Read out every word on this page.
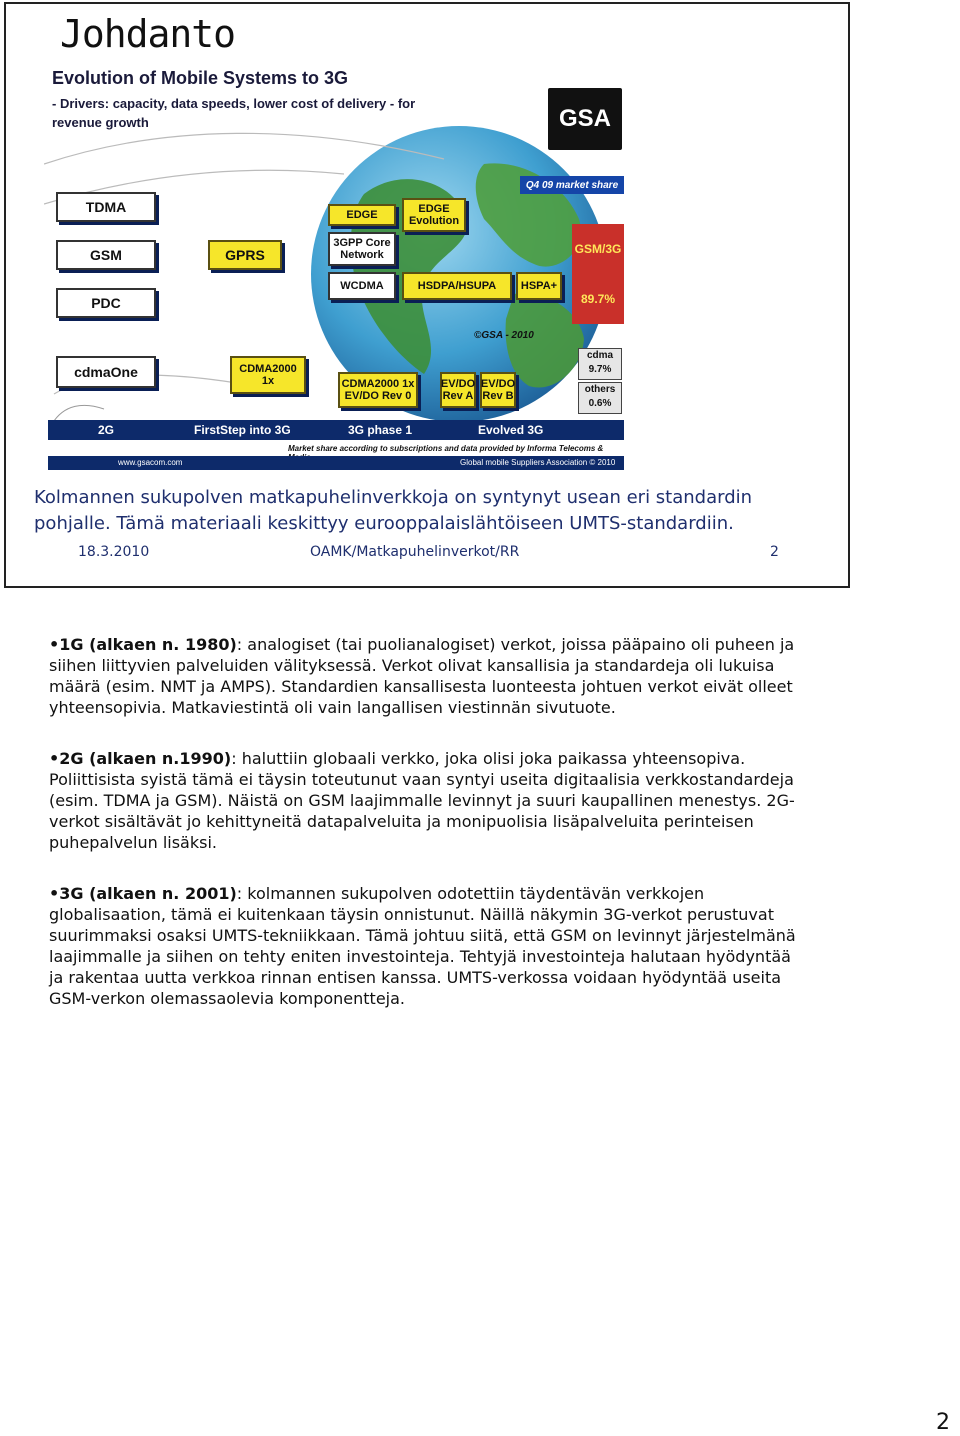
Johdanto
Evolution of Mobile Systems to 3G
- Drivers: capacity, data speeds, lower cost of delivery - for revenue growth	GSA
Q4 09 market share
TDMA
GSM
PDC
cdmaOne
GPRS
CDMA2000 1x
EDGE	EDGE Evolution
3GPP Core Network
WCDMA	HSDPA/HSUPA	HSPA+
©GSA - 2010
CDMA2000 1x EV/DO Rev 0
EV/DO Rev A
EV/DO Rev B
GSM/3G
89.7%
cdma
9.7%
others
0.6%
2G	FirstStep into 3G	3G phase 1	Evolved 3G
Market share according to subscriptions and data provided by Informa Telecoms &
www.gsacom.com	Global mobile Suppliers Association © 2010
Kolmannen sukupolven matkapuhelinverkkoja on syntynyt usean eri standardin pohjalle. Tämä materiaali keskittyy eurooppalaislähtöiseen UMTS-standardiin.
18.3.2010	OAMK/Matkapuhelinverkot/RR	2

•1G (alkaen n. 1980): analogiset (tai puolianalogiset) verkot, joissa pääpaino oli puheen ja siihen liittyvien palveluiden välityksessä. Verkot olivat kansallisia ja standardeja oli lukuisa määrä (esim. NMT ja AMPS). Standardien kansallisesta luonteesta johtuen verkot eivät olleet yhteensopivia. Matkaviestintä oli vain langallisen viestinnän sivutuote.

•2G (alkaen n.1990): haluttiin globaali verkko, joka olisi joka paikassa yhteensopiva. Poliittisista syistä tämä ei täysin toteutunut vaan syntyi useita digitaalisia verkkostandardeja (esim. TDMA ja GSM). Näistä on GSM laajimmalle levinnyt ja suuri kaupallinen menestys. 2G-verkot sisältävät jo kehittyneitä datapalveluita ja monipuolisia lisäpalveluita perinteisen puhepalvelun lisäksi.

•3G (alkaen n. 2001): kolmannen sukupolven odotettiin täydentävän verkkojen globalisaation, tämä ei kuitenkaan täysin onnistunut. Näillä näkymin 3G-verkot perustuvat suurimmaksi osaksi UMTS-tekniikkaan. Tämä johtuu siitä, että GSM on levinnyt järjestelmänä laajimmalle ja siihen on tehty eniten investointeja. Tehtyjä investointeja halutaan hyödyntää ja rakentaa uutta verkkoa rinnan entisen kanssa. UMTS-verkossa voidaan hyödyntää useita GSM-verkon olemassaolevia komponentteja.

2
